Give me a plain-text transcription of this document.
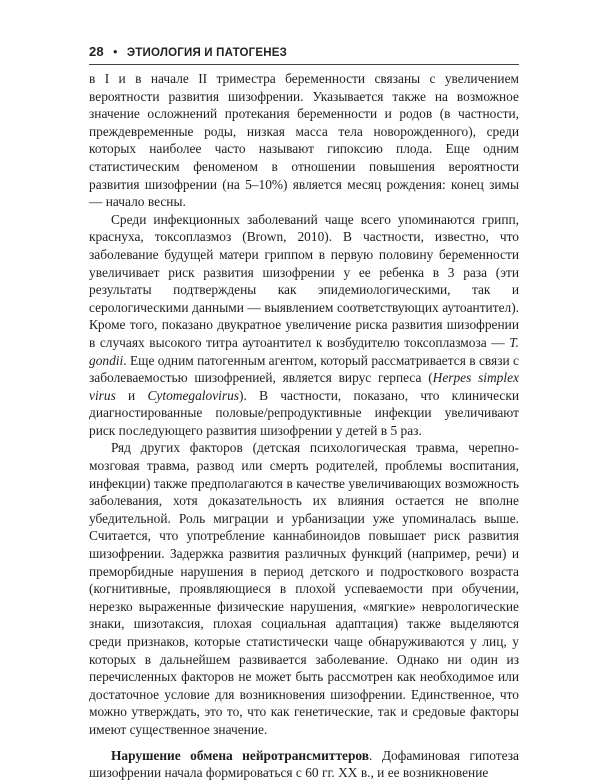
28 • ЭТИОЛОГИЯ И ПАТОГЕНЕЗ

в I и в начале II триместра беременности связаны с увеличением вероятности развития шизофрении. Указывается также на возможное значение осложнений протекания беременности и родов (в частности, преждевременные роды, низкая масса тела новорожденного), среди которых наиболее часто называют гипоксию плода. Еще одним статистическим феноменом в отношении повышения вероятности развития шизофрении (на 5–10%) является месяц рождения: конец зимы — начало весны.

Среди инфекционных заболеваний чаще всего упоминаются грипп, краснуха, токсоплазмоз (Brown, 2010). В частности, известно, что заболевание будущей матери гриппом в первую половину беременности увеличивает риск развития шизофрении у ее ребенка в 3 раза (эти результаты подтверждены как эпидемиологическими, так и серологическими данными — выявлением соответствующих аутоантител). Кроме того, показано двукратное увеличение риска развития шизофрении в случаях высокого титра аутоантител к возбудителю токсоплазмоза — T. gondii. Еще одним патогенным агентом, который рассматривается в связи с заболеваемостью шизофренией, является вирус герпеса (Herpes simplex virus и Cytomegalovirus). В частности, показано, что клинически диагностированные половые/репродуктивные инфекции увеличивают риск последующего развития шизофрении у детей в 5 раз.

Ряд других факторов (детская психологическая травма, черепно-мозговая травма, развод или смерть родителей, проблемы воспитания, инфекции) также предполагаются в качестве увеличивающих возможность заболевания, хотя доказательность их влияния остается не вполне убедительной. Роль миграции и урбанизации уже упоминалась выше. Считается, что употребление каннабиноидов повышает риск развития шизофрении. Задержка развития различных функций (например, речи) и преморбидные нарушения в период детского и подросткового возраста (когнитивные, проявляющиеся в плохой успеваемости при обучении, нерезко выраженные физические нарушения, «мягкие» неврологические знаки, шизотаксия, плохая социальная адаптация) также выделяются среди признаков, которые статистически чаще обнаруживаются у лиц, у которых в дальнейшем развивается заболевание. Однако ни один из перечисленных факторов не может быть рассмотрен как необходимое или достаточное условие для возникновения шизофрении. Единственное, что можно утверждать, это то, что как генетические, так и средовые факторы имеют существенное значение.

Нарушение обмена нейротрансмиттеров. Дофаминовая гипотеза шизофрении начала формироваться с 60 гг. XX в., и ее возникновение
